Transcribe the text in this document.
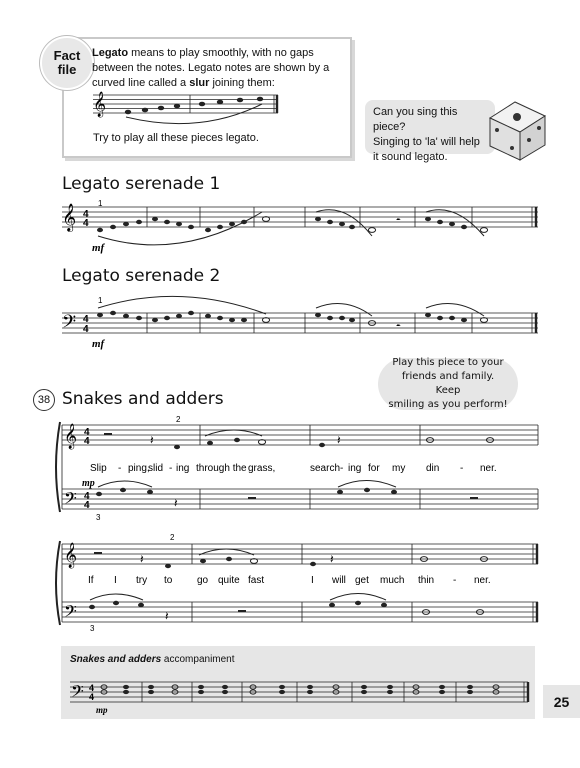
Fact
file
Legato means to play smoothly, with no gaps between the notes. Legato notes are shown by a curved line called a slur joining them:
Try to play all these pieces legato.
Can you sing this piece?
Singing to 'la' will help
it sound legato.
Legato serenade 1
Legato serenade 2
38 Snakes and adders
Play this piece to your
friends and family. Keep
smiling as you perform!
Snakes and adders accompaniment
25
𝄞
𝄞 4
4
1
mf
𝄼
𝄢 4
4
1
mf
𝄼
𝄞
𝄢
4
4
4
4
2
3
mp
𝄽	𝄽
𝄽
Slip - ping,
slid - ing through the grass,	search - ing for my din - ner.
𝄞
𝄢
2
3
𝄽	𝄽
𝄽
If I try to go quite fast	I will get much thin - ner.
𝄢 4
4
mp
